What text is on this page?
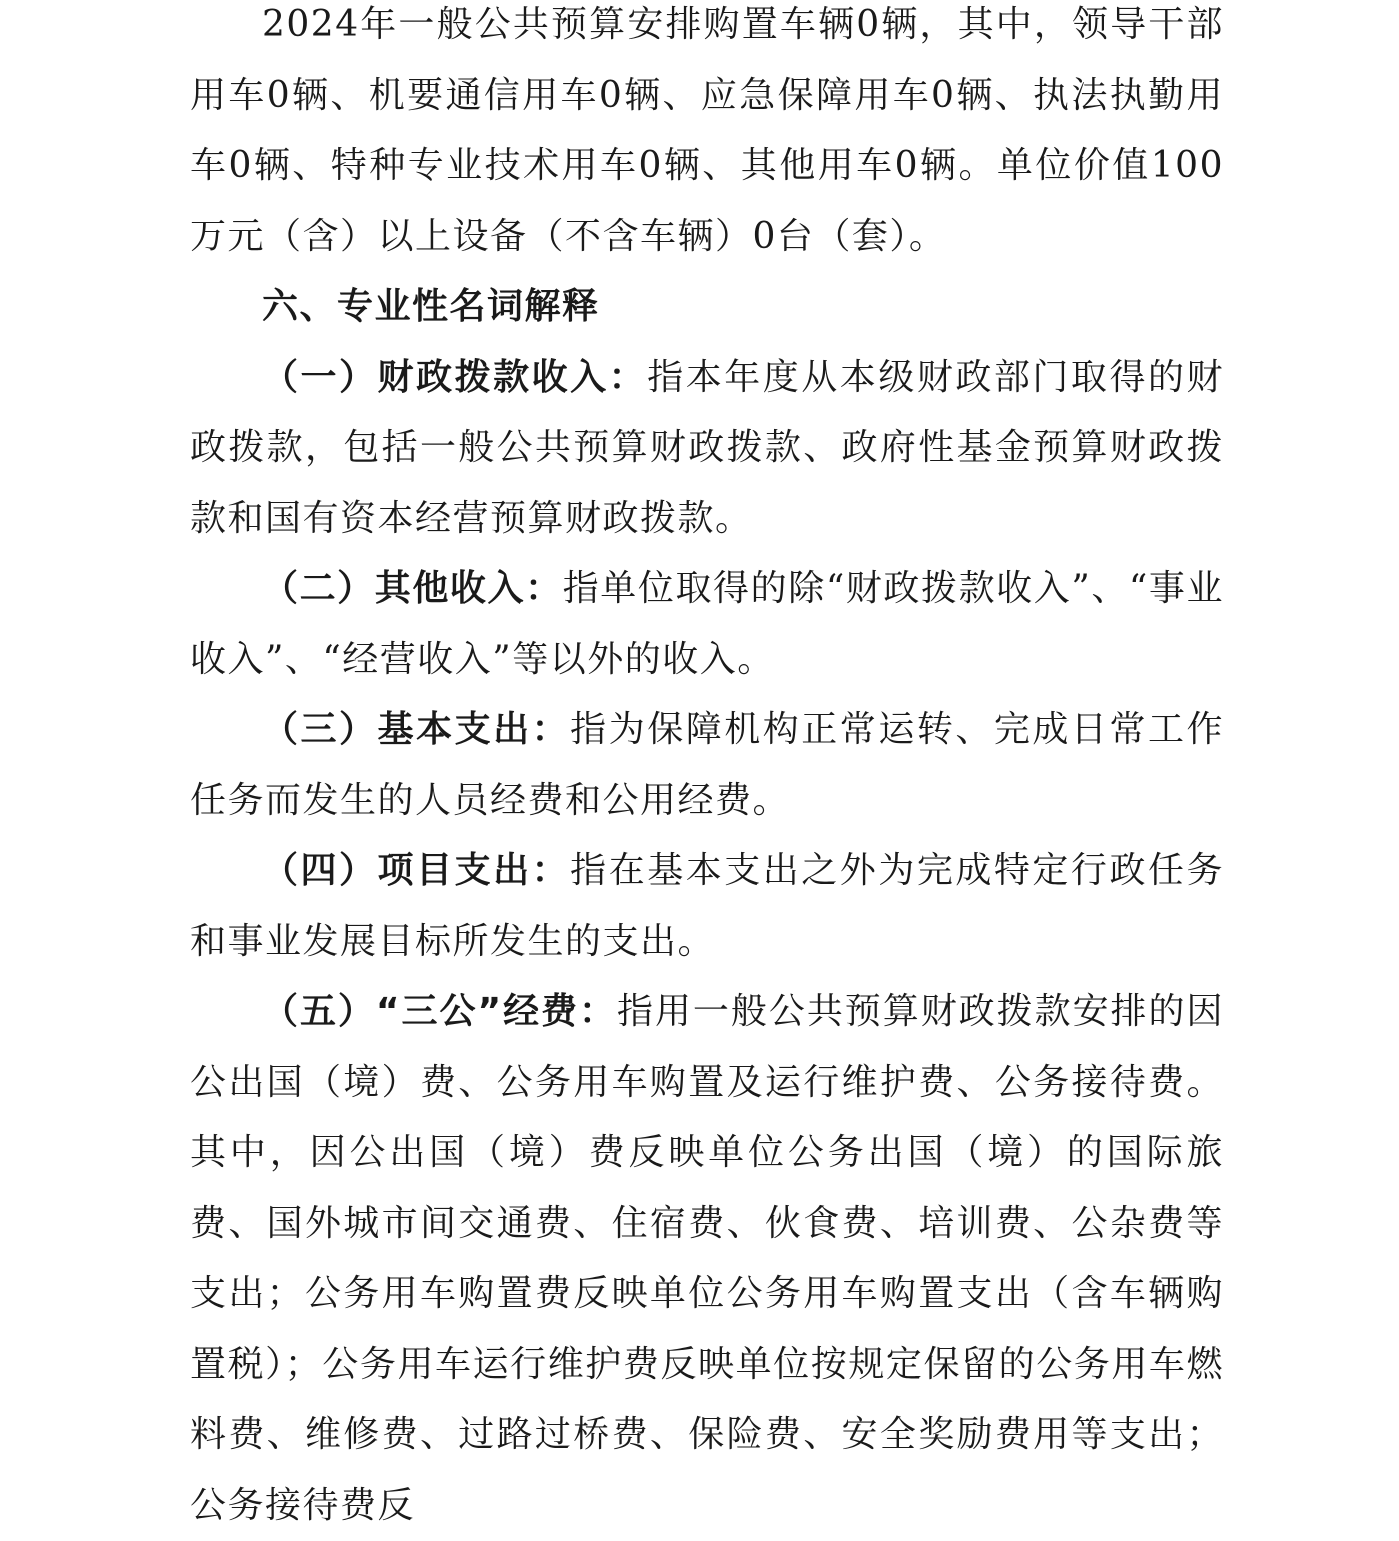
2024年一般公共预算安排购置车辆0辆，其中，领导干部用车0辆、机要通信用车0辆、应急保障用车0辆、执法执勤用车0辆、特种专业技术用车0辆、其他用车0辆。单位价值100万元（含）以上设备（不含车辆）0台（套）。

六、专业性名词解释

（一）财政拨款收入：指本年度从本级财政部门取得的财政拨款，包括一般公共预算财政拨款、政府性基金预算财政拨款和国有资本经营预算财政拨款。

（二）其他收入：指单位取得的除“财政拨款收入”、“事业收入”、“经营收入”等以外的收入。

（三）基本支出：指为保障机构正常运转、完成日常工作任务而发生的人员经费和公用经费。

（四）项目支出：指在基本支出之外为完成特定行政任务和事业发展目标所发生的支出。

（五）“三公”经费：指用一般公共预算财政拨款安排的因公出国（境）费、公务用车购置及运行维护费、公务接待费。其中，因公出国（境）费反映单位公务出国（境）的国际旅费、国外城市间交通费、住宿费、伙食费、培训费、公杂费等支出；公务用车购置费反映单位公务用车购置支出（含车辆购置税）；公务用车运行维护费反映单位按规定保留的公务用车燃料费、维修费、过路过桥费、保险费、安全奖励费用等支出；公务接待费反
